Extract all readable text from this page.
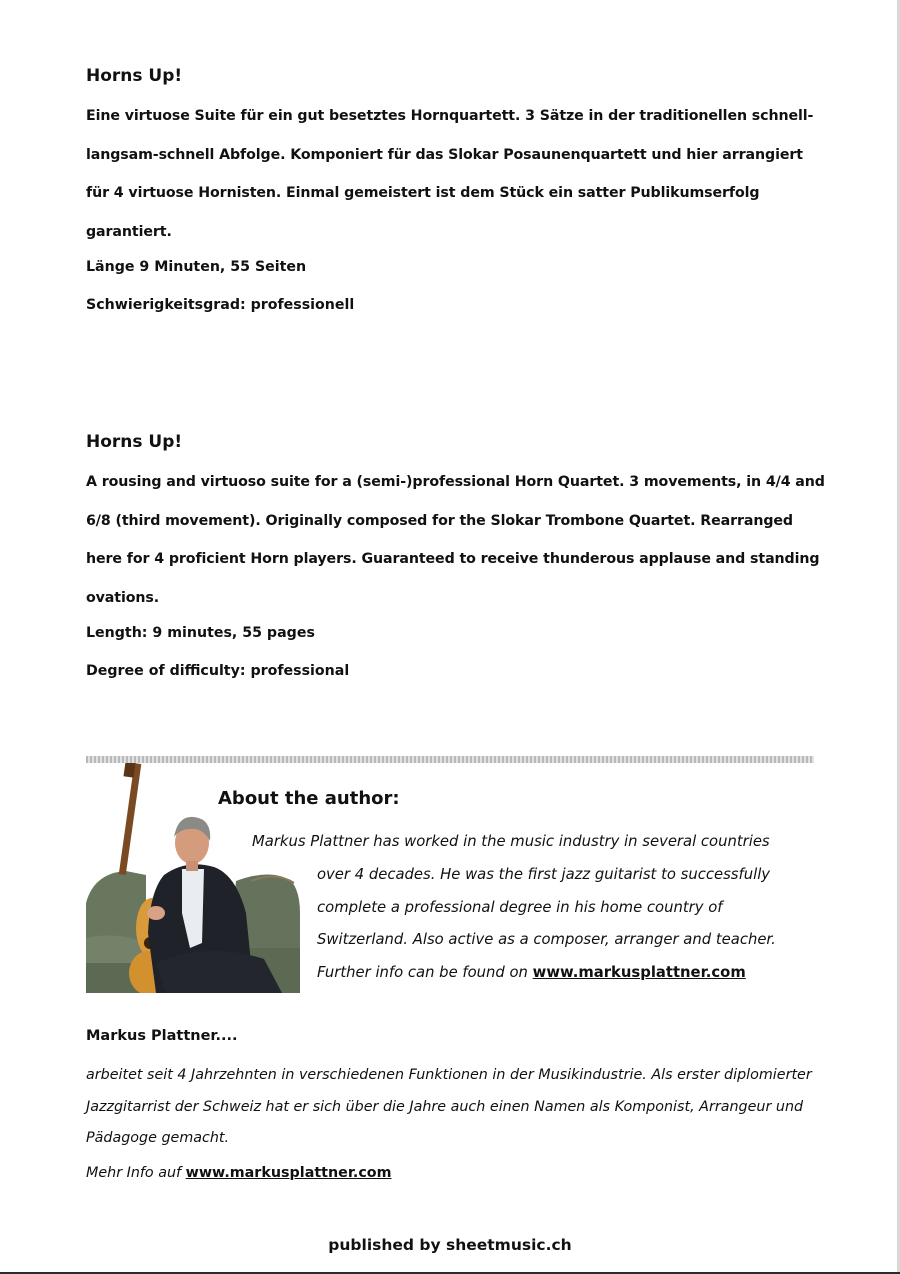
Horns Up!

Eine virtuose Suite für ein gut besetztes Hornquartett. 3 Sätze in der traditionellen schnell-langsam-schnell Abfolge. Komponiert für das Slokar Posaunenquartett und hier arrangiert für 4 virtuose Hornisten. Einmal gemeistert ist dem Stück ein satter Publikumserfolg garantiert.

Länge 9 Minuten, 55 Seiten

Schwierigkeitsgrad: professionell

Horns Up!

A rousing and virtuoso suite for a (semi-)professional Horn Quartet. 3 movements, in 4/4 and 6/8 (third movement). Originally composed for the Slokar Trombone Quartet. Rearranged here for 4 proficient Horn players. Guaranteed to receive thunderous applause and standing ovations.

Length: 9 minutes, 55 pages

Degree of difficulty: professional

About the author:

Markus Plattner has worked in the music industry in several countries

over 4 decades. He was the first jazz guitarist to successfully complete a professional degree in his home country of Switzerland. Also active as a composer, arranger and teacher.
Further info can be found on www.markusplattner.com

Markus Plattner....
arbeitet seit 4 Jahrzehnten in verschiedenen Funktionen in der Musikindustrie. Als erster diplomierter Jazzgitarrist der Schweiz hat er sich über die Jahre auch einen Namen als Komponist, Arrangeur und Pädagoge gemacht.
Mehr Info auf www.markusplattner.com

published by sheetmusic.ch
